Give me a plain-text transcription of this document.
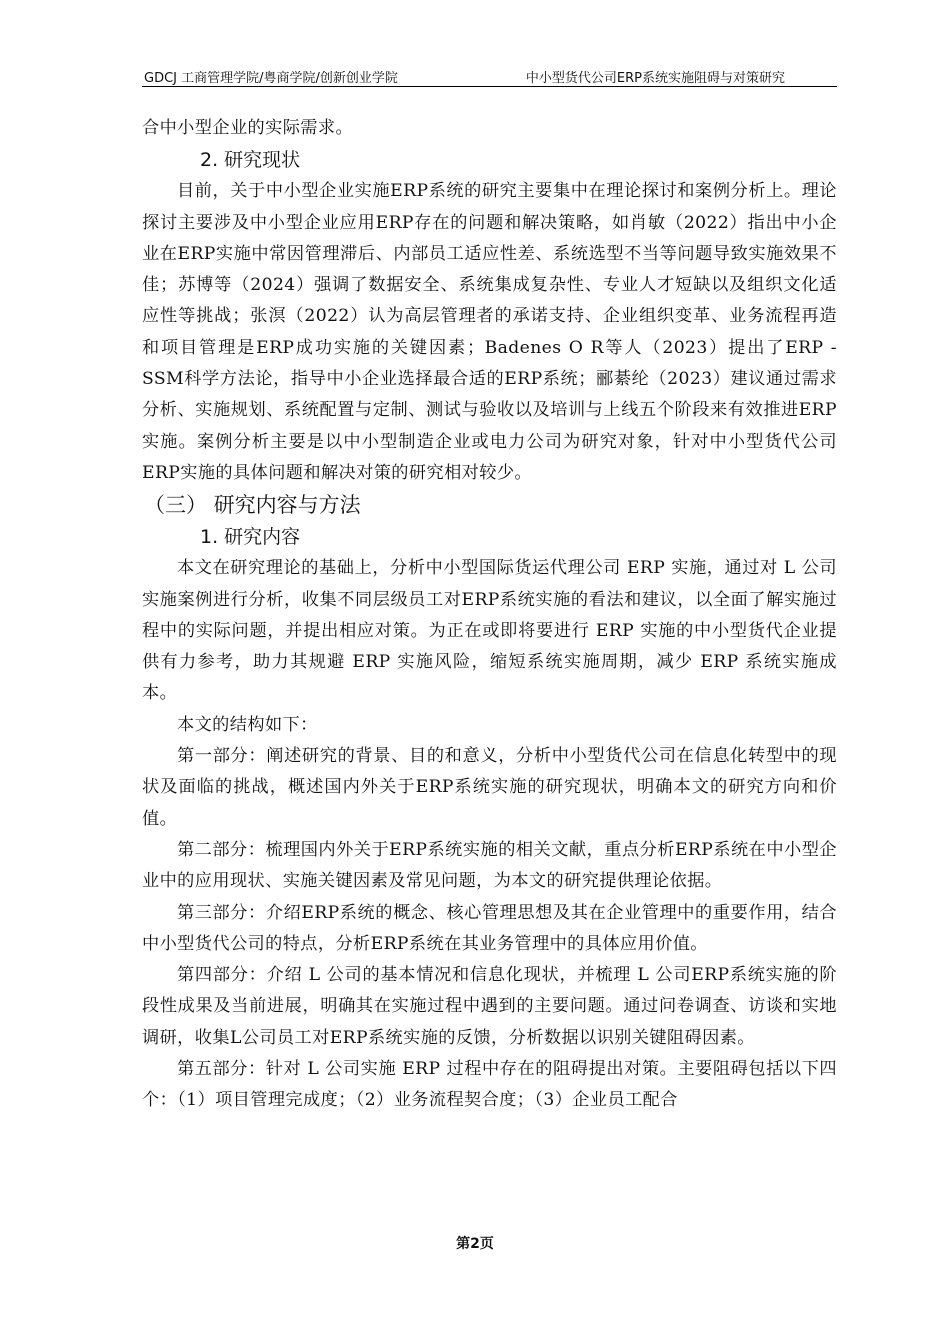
GDCJ 工商管理学院/粤商学院/创新创业学院	中小型货代公司ERP系统实施阻碍与对策研究

合中小型企业的实际需求。

2. 研究现状

目前，关于中小型企业实施ERP系统的研究主要集中在理论探讨和案例分析上。理论探讨主要涉及中小型企业应用ERP存在的问题和解决策略，如肖敏（2022）指出中小企业在ERP实施中常因管理滞后、内部员工适应性差、系统选型不当等问题导致实施效果不佳；苏博等（2024）强调了数据安全、系统集成复杂性、专业人才短缺以及组织文化适应性等挑战；张溟（2022）认为高层管理者的承诺支持、企业组织变革、业务流程再造和项目管理是ERP成功实施的关键因素；Badenes O R等人（2023）提出了ERP - SSM科学方法论，指导中小企业选择最合适的ERP系统；郦綦纶（2023）建议通过需求分析、实施规划、系统配置与定制、测试与验收以及培训与上线五个阶段来有效推进ERP实施。案例分析主要是以中小型制造企业或电力公司为研究对象，针对中小型货代公司ERP实施的具体问题和解决对策的研究相对较少。

（三） 研究内容与方法

1. 研究内容

本文在研究理论的基础上，分析中小型国际货运代理公司 ERP 实施，通过对 L 公司实施案例进行分析，收集不同层级员工对ERP系统实施的看法和建议，以全面了解实施过程中的实际问题，并提出相应对策。为正在或即将要进行 ERP 实施的中小型货代企业提供有力参考，助力其规避 ERP 实施风险，缩短系统实施周期，减少 ERP 系统实施成本。

本文的结构如下：

第一部分：阐述研究的背景、目的和意义，分析中小型货代公司在信息化转型中的现状及面临的挑战，概述国内外关于ERP系统实施的研究现状，明确本文的研究方向和价值。

第二部分：梳理国内外关于ERP系统实施的相关文献，重点分析ERP系统在中小型企业中的应用现状、实施关键因素及常见问题，为本文的研究提供理论依据。

第三部分：介绍ERP系统的概念、核心管理思想及其在企业管理中的重要作用，结合中小型货代公司的特点，分析ERP系统在其业务管理中的具体应用价值。

第四部分：介绍 L 公司的基本情况和信息化现状，并梳理 L 公司ERP系统实施的阶段性成果及当前进展，明确其在实施过程中遇到的主要问题。通过问卷调查、访谈和实地调研，收集L公司员工对ERP系统实施的反馈，分析数据以识别关键阻碍因素。

第五部分：针对 L 公司实施 ERP 过程中存在的阻碍提出对策。主要阻碍包括以下四个：（1）项目管理完成度；（2）业务流程契合度；（3）企业员工配合

第2页
